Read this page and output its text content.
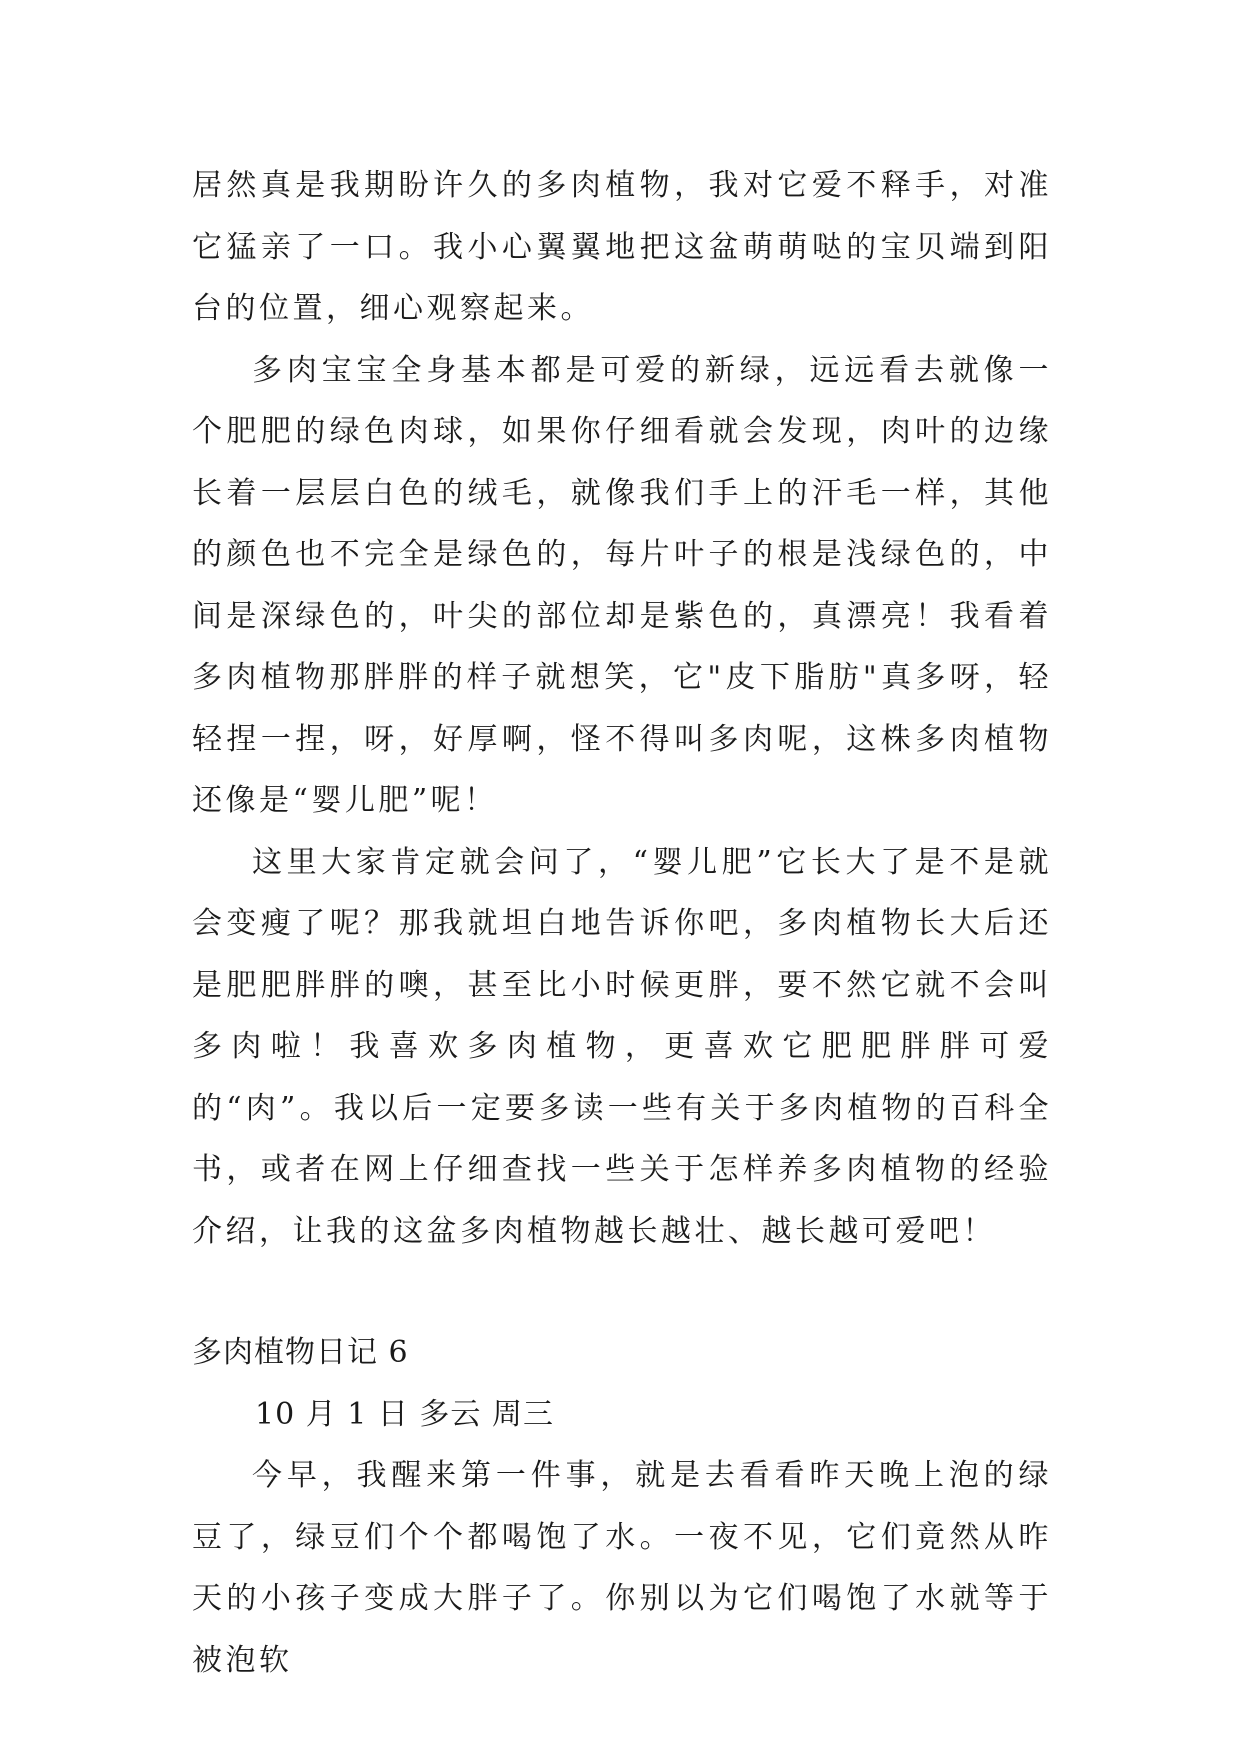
居然真是我期盼许久的多肉植物，我对它爱不释手，对准它猛亲了一口。我小心翼翼地把这盆萌萌哒的宝贝端到阳台的位置，细心观察起来。

多肉宝宝全身基本都是可爱的新绿，远远看去就像一个肥肥的绿色肉球，如果你仔细看就会发现，肉叶的边缘长着一层层白色的绒毛，就像我们手上的汗毛一样，其他的颜色也不完全是绿色的，每片叶子的根是浅绿色的，中间是深绿色的，叶尖的部位却是紫色的，真漂亮！我看着多肉植物那胖胖的样子就想笑，它"皮下脂肪"真多呀，轻轻捏一捏，呀，好厚啊，怪不得叫多肉呢，这株多肉植物还像是“婴儿肥”呢！

这里大家肯定就会问了，“婴儿肥”它长大了是不是就会变瘦了呢？那我就坦白地告诉你吧，多肉植物长大后还是肥肥胖胖的噢，甚至比小时候更胖，要不然它就不会叫多肉啦！我喜欢多肉植物，更喜欢它肥肥胖胖可爱的“肉”。我以后一定要多读一些有关于多肉植物的百科全书，或者在网上仔细查找一些关于怎样养多肉植物的经验介绍，让我的这盆多肉植物越长越壮、越长越可爱吧！

多肉植物日记 6

10 月 1 日 多云 周三

今早，我醒来第一件事，就是去看看昨天晚上泡的绿豆了，绿豆们个个都喝饱了水。一夜不见，它们竟然从昨天的小孩子变成大胖子了。你别以为它们喝饱了水就等于被泡软
